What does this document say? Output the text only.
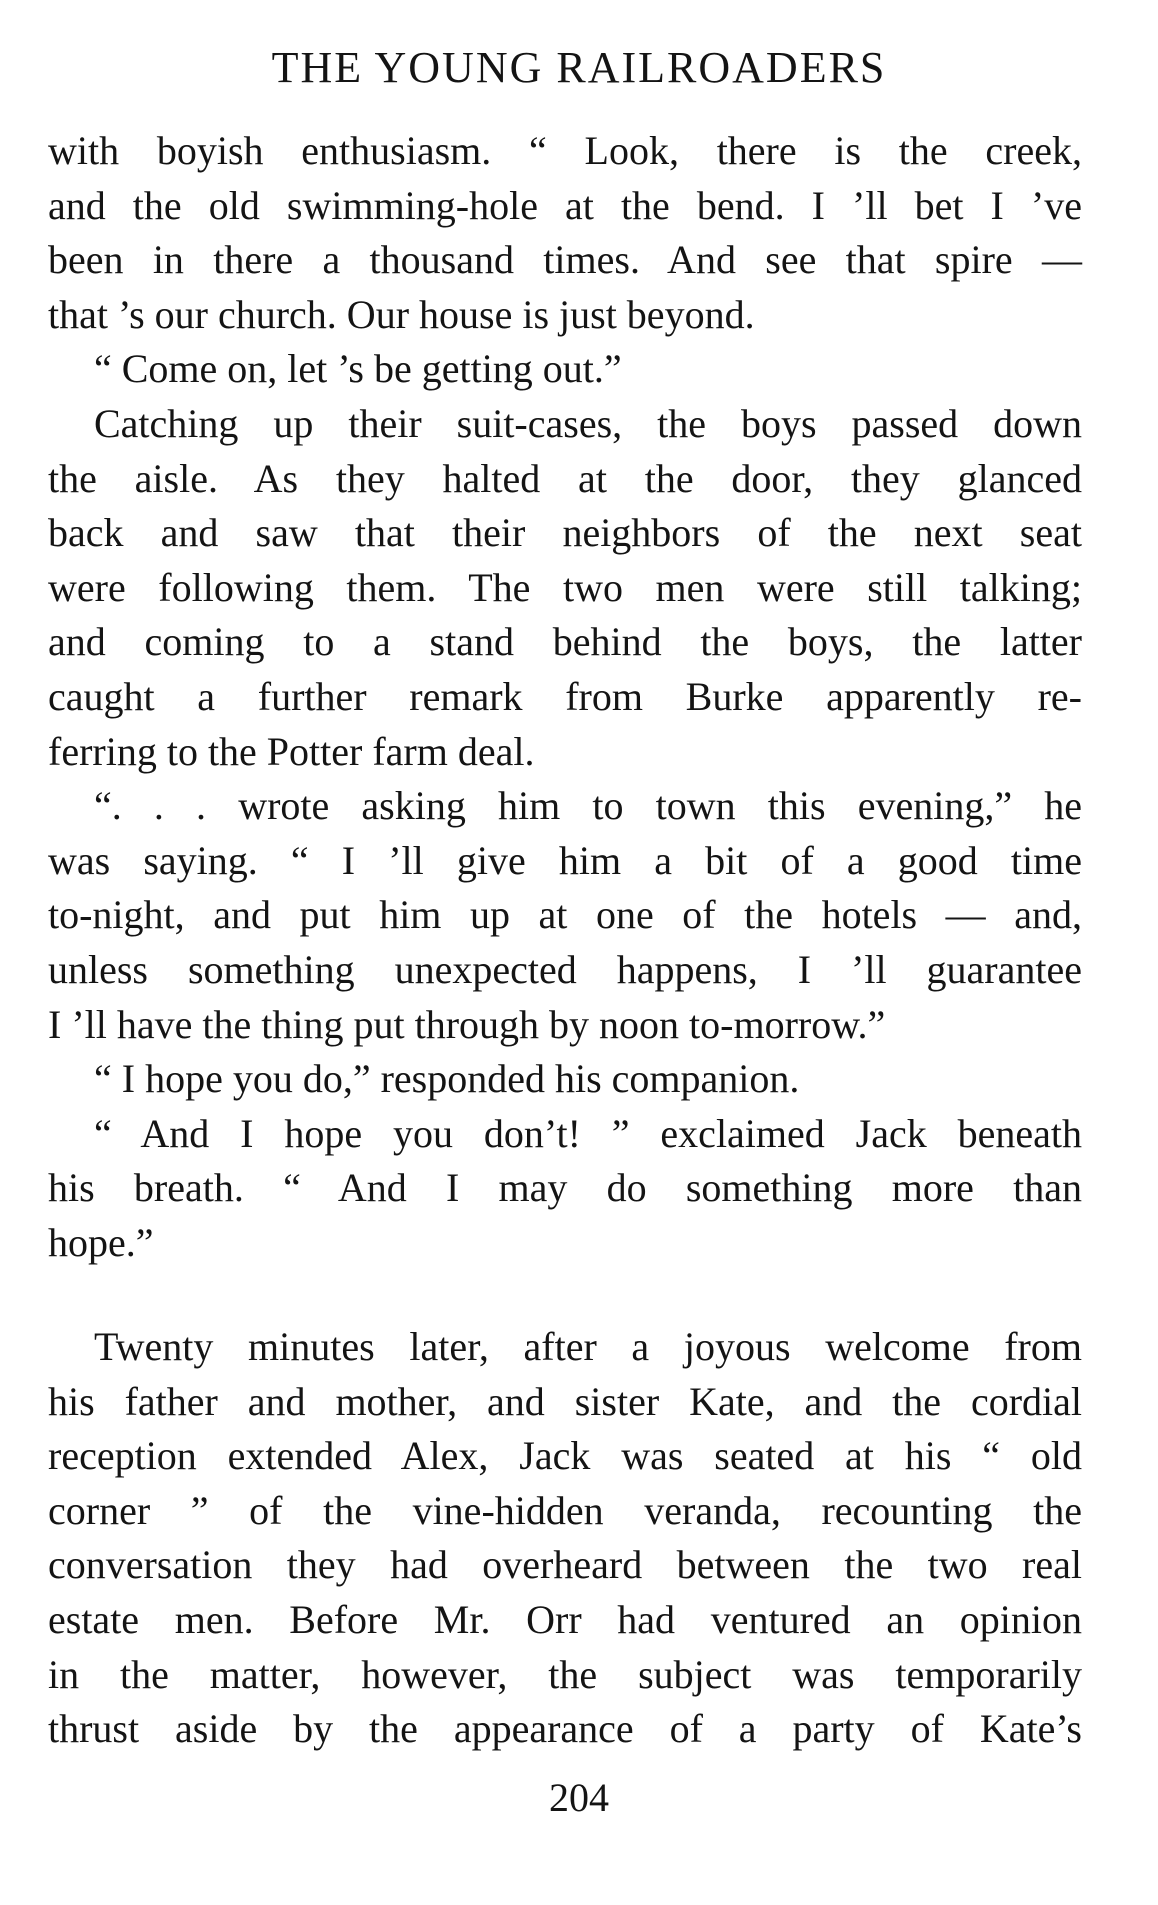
THE YOUNG RAILROADERS
with boyish enthusiasm. “ Look, there is the creek,
and the old swimming-hole at the bend. I ’ll bet I ’ve
been in there a thousand times. And see that spire —
that ’s our church. Our house is just beyond.
“ Come on, let ’s be getting out.”
Catching up their suit-cases, the boys passed down
the aisle. As they halted at the door, they glanced
back and saw that their neighbors of the next seat
were following them. The two men were still talking;
and coming to a stand behind the boys, the latter
caught a further remark from Burke apparently re-
ferring to the Potter farm deal.
“. . . wrote asking him to town this evening,” he
was saying. “ I ’ll give him a bit of a good time
to-night, and put him up at one of the hotels — and,
unless something unexpected happens, I ’ll guarantee
I ’ll have the thing put through by noon to-morrow.”
“ I hope you do,” responded his companion.
“ And I hope you don’t! ” exclaimed Jack beneath
his breath. “ And I may do something more than
hope.”
Twenty minutes later, after a joyous welcome from
his father and mother, and sister Kate, and the cordial
reception extended Alex, Jack was seated at his “ old
corner ” of the vine-hidden veranda, recounting the
conversation they had overheard between the two real
estate men. Before Mr. Orr had ventured an opinion
in the matter, however, the subject was temporarily
thrust aside by the appearance of a party of Kate’s
204
